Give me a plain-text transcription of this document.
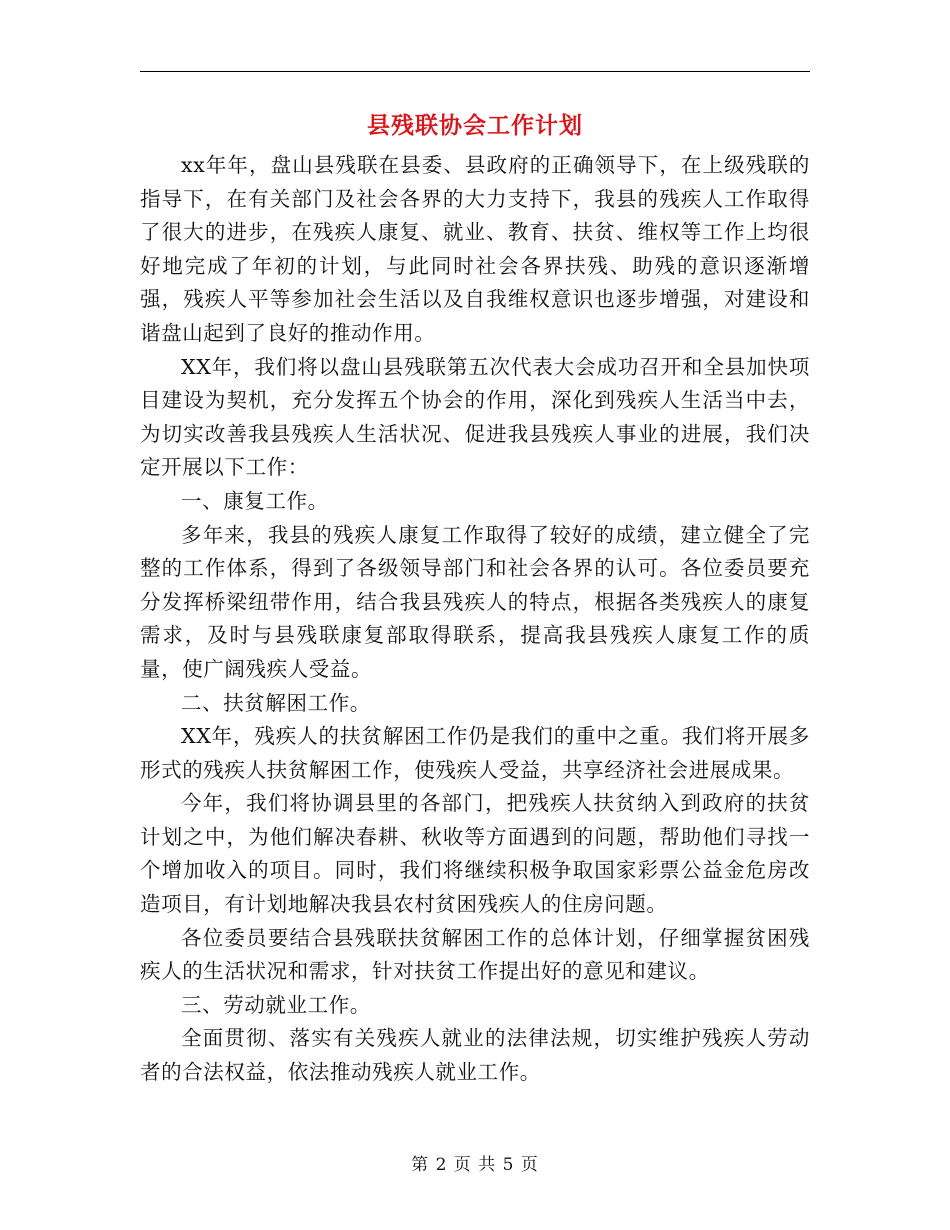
县残联协会工作计划

xx年年，盘山县残联在县委、县政府的正确领导下，在上级残联的指导下，在有关部门及社会各界的大力支持下，我县的残疾人工作取得了很大的进步，在残疾人康复、就业、教育、扶贫、维权等工作上均很好地完成了年初的计划，与此同时社会各界扶残、助残的意识逐渐增强，残疾人平等参加社会生活以及自我维权意识也逐步增强，对建设和谐盘山起到了良好的推动作用。

XX年，我们将以盘山县残联第五次代表大会成功召开和全县加快项目建设为契机，充分发挥五个协会的作用，深化到残疾人生活当中去，为切实改善我县残疾人生活状况、促进我县残疾人事业的进展，我们决定开展以下工作：

一、康复工作。

多年来，我县的残疾人康复工作取得了较好的成绩，建立健全了完整的工作体系，得到了各级领导部门和社会各界的认可。各位委员要充分发挥桥梁纽带作用，结合我县残疾人的特点，根据各类残疾人的康复需求，及时与县残联康复部取得联系，提高我县残疾人康复工作的质量，使广阔残疾人受益。

二、扶贫解困工作。

XX年，残疾人的扶贫解困工作仍是我们的重中之重。我们将开展多形式的残疾人扶贫解困工作，使残疾人受益，共享经济社会进展成果。

今年，我们将协调县里的各部门，把残疾人扶贫纳入到政府的扶贫计划之中，为他们解决春耕、秋收等方面遇到的问题，帮助他们寻找一个增加收入的项目。同时，我们将继续积极争取国家彩票公益金危房改造项目，有计划地解决我县农村贫困残疾人的住房问题。

各位委员要结合县残联扶贫解困工作的总体计划，仔细掌握贫困残疾人的生活状况和需求，针对扶贫工作提出好的意见和建议。

三、劳动就业工作。

全面贯彻、落实有关残疾人就业的法律法规，切实维护残疾人劳动者的合法权益，依法推动残疾人就业工作。

第 2 页 共 5 页
